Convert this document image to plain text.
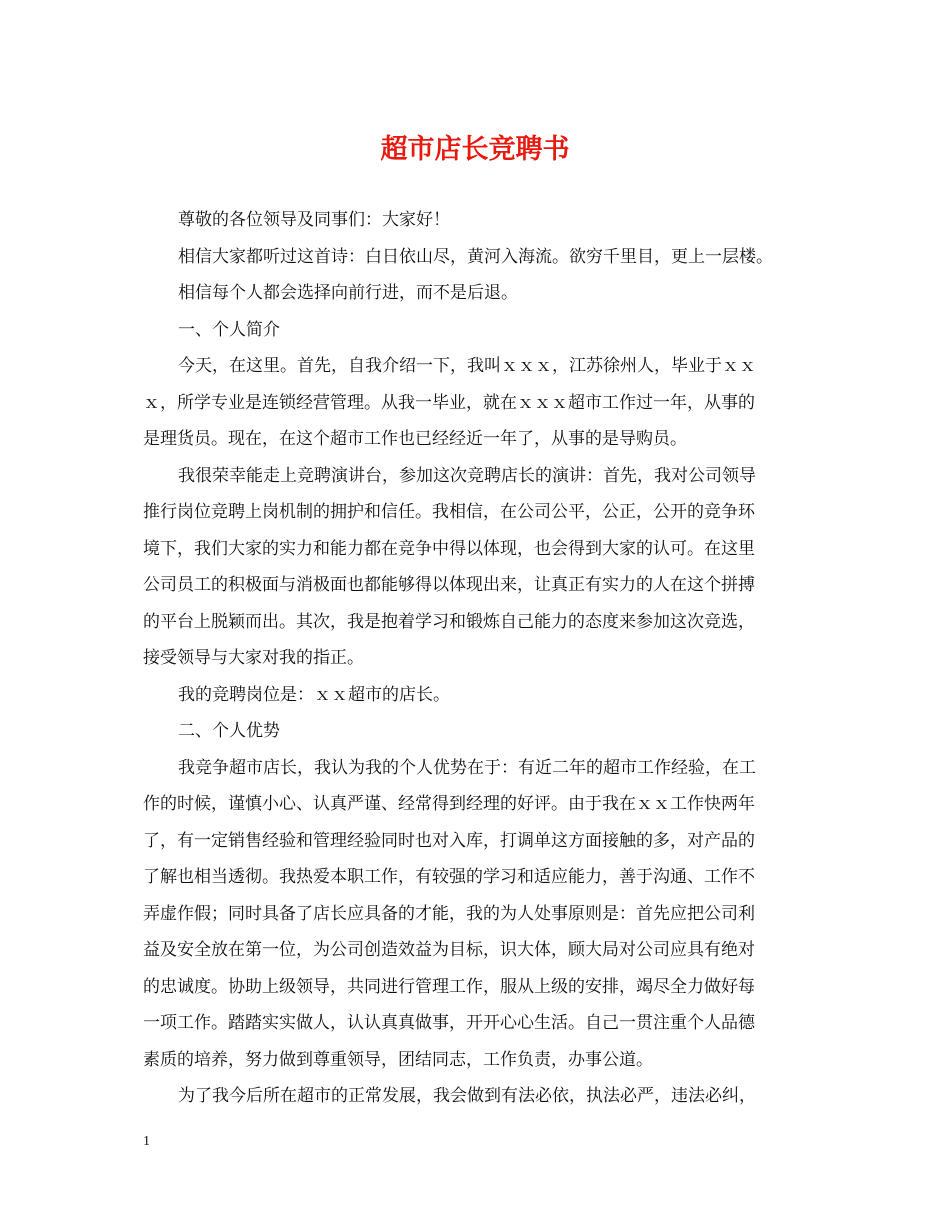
超市店长竞聘书
尊敬的各位领导及同事们：大家好！
相信大家都听过这首诗：白日依山尽，黄河入海流。欲穷千里目，更上一层楼。
相信每个人都会选择向前行进，而不是后退。
一、个人简介
今天，在这里。首先，自我介绍一下，我叫ｘｘｘ，江苏徐州人，毕业于ｘｘ
ｘ，所学专业是连锁经营管理。从我一毕业，就在ｘｘｘ超市工作过一年，从事的
是理货员。现在，在这个超市工作也已经经近一年了，从事的是导购员。
我很荣幸能走上竞聘演讲台，参加这次竞聘店长的演讲：首先，我对公司领导
推行岗位竞聘上岗机制的拥护和信任。我相信，在公司公平，公正，公开的竞争环
境下，我们大家的实力和能力都在竞争中得以体现，也会得到大家的认可。在这里
公司员工的积极面与消极面也都能够得以体现出来，让真正有实力的人在这个拼搏
的平台上脱颖而出。其次，我是抱着学习和锻炼自己能力的态度来参加这次竞选，
接受领导与大家对我的指正。
我的竞聘岗位是：ｘｘ超市的店长。
二、个人优势
我竞争超市店长，我认为我的个人优势在于：有近二年的超市工作经验，在工
作的时候，谨慎小心、认真严谨、经常得到经理的好评。由于我在ｘｘ工作快两年
了，有一定销售经验和管理经验同时也对入库，打调单这方面接触的多，对产品的
了解也相当透彻。我热爱本职工作，有较强的学习和适应能力，善于沟通、工作不
弄虚作假；同时具备了店长应具备的才能，我的为人处事原则是：首先应把公司利
益及安全放在第一位，为公司创造效益为目标，识大体，顾大局对公司应具有绝对
的忠诚度。协助上级领导，共同进行管理工作，服从上级的安排，竭尽全力做好每
一项工作。踏踏实实做人，认认真真做事，开开心心生活。自己一贯注重个人品德
素质的培养，努力做到尊重领导，团结同志，工作负责，办事公道。
为了我今后所在超市的正常发展，我会做到有法必依，执法必严，违法必纠，
1
